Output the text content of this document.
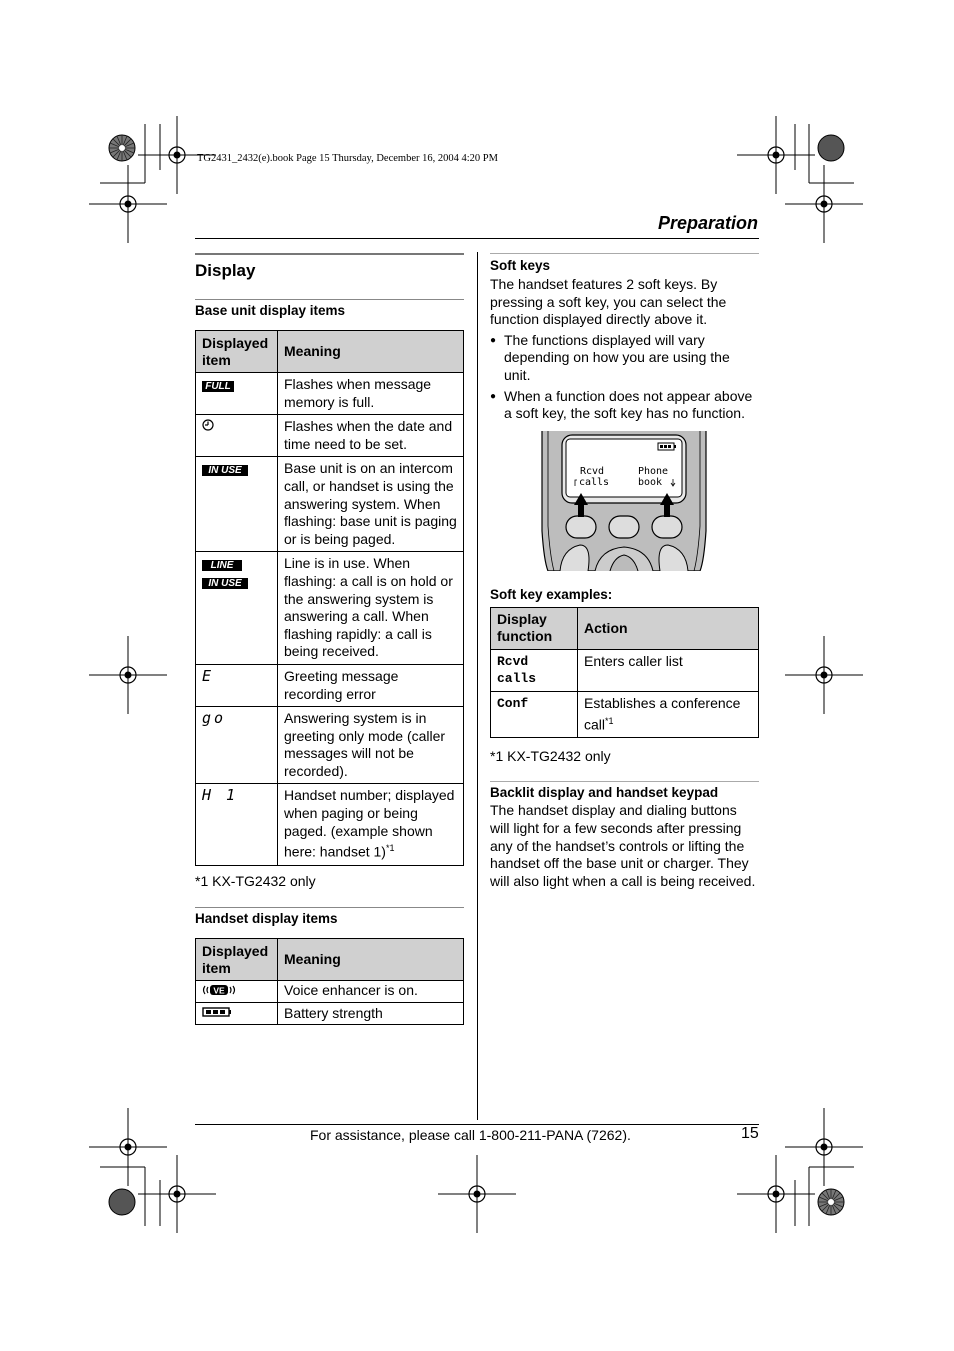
TG2431_2432(e).book Page 15 Thursday, December 16, 2004 4:20 PM
Preparation
Display
Base unit display items
Displayed item	Meaning
FULL	Flashes when message memory is full.
	Flashes when the date and time need to be set.
IN USE	Base unit is on an intercom call, or handset is using the answering system. When flashing: base unit is paging or is being paged.
LINE
IN USE	Line is in use. When flashing: a call is on hold or the answering system is answering a call. When flashing rapidly: a call is being received.
E	Greeting message recording error
go	Answering system is in greeting only mode (caller messages will not be recorded).
H 1	Handset number; displayed when paging or being paged. (example shown here: handset 1)$^{*1}$

*1 KX-TG2432 only

Handset display items
Displayed item	Meaning

VE	Voice enhancer is on.
	Battery strength
Soft keys

The handset features 2 soft keys. By pressing a soft key, you can select the function displayed directly above it.

● The functions displayed will vary depending on how you are using the unit.

● When a function does not appear above a soft key, the soft key has no function.

Rcvd
calls
Phone
book
Soft key examples:
Display function	Action
Rcvd calls	Enters caller list
Conf	Establishes a conference call$^{*1}$

*1 KX-TG2432 only

Backlit display and handset keypad

The handset display and dialing buttons will light for a few seconds after pressing any of the handset’s controls or lifting the handset off the base unit or charger. They will also light when a call is being received.

For assistance, please call 1-800-211-PANA (7262).	15
